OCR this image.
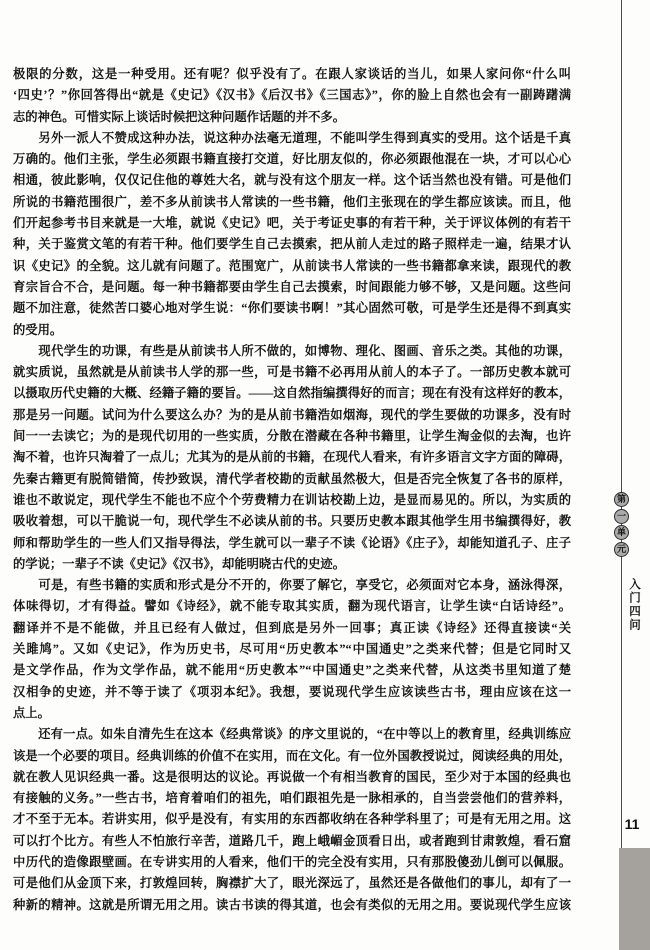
极限的分数，这是一种受用。还有呢？似乎没有了。在跟人家谈话的当儿，如果人家问你“什么叫
‘四史’？”你回答得出“就是《史记》《汉书》《后汉书》《三国志》”，你的脸上自然也会有一副踌躇满
志的神色。可惜实际上谈话时候把这种问题作话题的并不多。
　　另外一派人不赞成这种办法，说这种办法毫无道理，不能叫学生得到真实的受用。这个话是千真
万确的。他们主张，学生必须跟书籍直接打交道，好比朋友似的，你必须跟他混在一块，才可以心心
相通，彼此影响，仅仅记住他的尊姓大名，就与没有这个朋友一样。这个话当然也没有错。可是他们
所说的书籍范围很广，差不多从前读书人常读的一些书籍，他们主张现在的学生都应该读。而且，他
们开起参考书目来就是一大堆，就说《史记》吧，关于考证史事的有若干种，关于评议体例的有若干
种，关于鉴赏文笔的有若干种。他们要学生自己去摸索，把从前人走过的路子照样走一遍，结果才认
识《史记》的全貌。这儿就有问题了。范围宽广，从前读书人常读的一些书籍都拿来读，跟现代的教
育宗旨合不合，是问题。每一种书籍都要由学生自己去摸索，时间跟能力够不够，又是问题。这些问
题不加注意，徒然苦口婆心地对学生说：“你们要读书啊！”其心固然可敬，可是学生还是得不到真实
的受用。
　　现代学生的功课，有些是从前读书人所不做的，如博物、理化、图画、音乐之类。其他的功课，
就实质说，虽然就是从前读书人学的那一些，可是书籍不必再用从前人的本子了。一部历史教本就可
以摄取历代史籍的大概、经籍子籍的要旨。——这自然指编撰得好的而言；现在有没有这样好的教本，
那是另一问题。试问为什么要这么办？为的是从前书籍浩如烟海，现代的学生要做的功课多，没有时
间一一去读它；为的是现代切用的一些实质，分散在潜藏在各种书籍里，让学生淘金似的去淘，也许
淘不着，也许只淘着了一点儿；尤其为的是从前的书籍，在现代人看来，有许多语言文字方面的障碍，
先秦古籍更有脱简错简，传抄致误，清代学者校勘的贡献虽然极大，但是否完全恢复了各书的原样，
谁也不敢说定，现代学生不能也不应个个劳费精力在训诂校勘上边，是显而易见的。所以，为实质的
吸收着想，可以干脆说一句，现代学生不必读从前的书。只要历史教本跟其他学生用书编撰得好，教
师和帮助学生的一些人们又指导得法，学生就可以一辈子不读《论语》《庄子》，却能知道孔子、庄子
的学说；一辈子不读《史记》《汉书》，却能明晓古代的史迹。
　　可是，有些书籍的实质和形式是分不开的，你要了解它，享受它，必须面对它本身，涵泳得深，
体味得切，才有得益。譬如《诗经》，就不能专取其实质，翻为现代语言，让学生读“白话诗经”。
翻译并不是不能做，并且已经有人做过，但到底是另外一回事；真正读《诗经》还得直接读“关
关雎鸠”。又如《史记》，作为历史书，尽可用“历史教本”“中国通史”之类来代替；但是它同时又
是文学作品，作为文学作品，就不能用“历史教本”“中国通史”之类来代替，从这类书里知道了楚
汉相争的史迹，并不等于读了《项羽本纪》。我想，要说现代学生应该读些古书，理由应该在这一
点上。
　　还有一点。如朱自清先生在这本《经典常谈》的序文里说的，“在中等以上的教育里，经典训练应
该是一个必要的项目。经典训练的价值不在实用，而在文化。有一位外国教授说过，阅读经典的用处，
就在教人见识经典一番。这是很明达的议论。再说做一个有相当教育的国民，至少对于本国的经典也
有接触的义务。”一些古书，培育着咱们的祖先，咱们跟祖先是一脉相承的，自当尝尝他们的营养料，
才不至于无本。若讲实用，似乎是没有，有实用的东西都收纳在各种学科里了；可是有无用之用。这
可以打个比方。有些人不怕旅行辛苦，道路几千，跑上峨嵋金顶看日出，或者跑到甘肃敦煌，看石窟
中历代的造像跟壁画。在专讲实用的人看来，他们干的完全没有实用，只有那股傻劲儿倒可以佩服。
可是他们从金顶下来，打敦煌回转，胸襟扩大了，眼光深远了，虽然还是各做他们的事儿，却有了一
种新的精神。这就是所谓无用之用。读古书读的得其道，也会有类似的无用之用。要说现代学生应该
第
一
单
元
入门四问
11
